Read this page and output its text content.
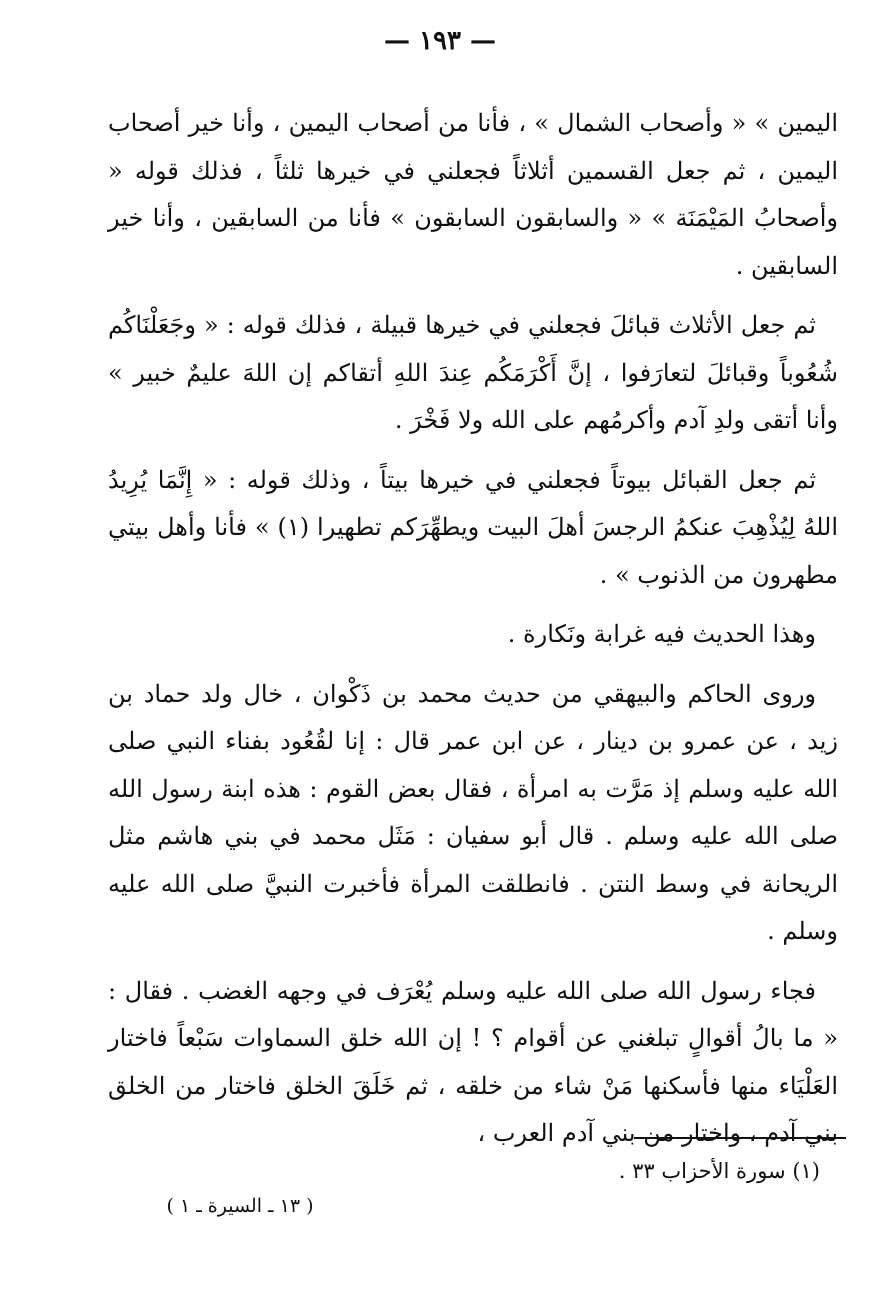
— ١٩٣ —

اليمين » « وأصحاب الشمال » ، فأنا من أصحاب اليمين ، وأنا خير أصحاب اليمين ، ثم جعل القسمين أثلاثاً فجعلني في خيرها ثلثاً ، فذلك قوله « وأصحابُ المَيْمَنَة » « والسابقون السابقون » فأنا من السابقين ، وأنا خير السابقين .

ثم جعل الأثلاث قبائلَ فجعلني في خيرها قبيلة ، فذلك قوله : « وجَعَلْنَاكُم شُعُوباً وقبائلَ لتعارَفوا ، إنَّ أَكْرَمَكُم عِندَ اللهِ أتقاكم إن اللهَ عليمٌ خبير » وأنا أتقى ولدِ آدم وأكرمُهم على الله ولا فَخْرَ .

ثم جعل القبائل بيوتاً فجعلني في خيرها بيتاً ، وذلك قوله : « إِنَّمَا يُرِيدُ اللهُ لِيُذْهِبَ عنكمُ الرجسَ أهلَ البيت ويطهِّرَكم تطهيرا (١) » فأنا وأهل بيتي مطهرون من الذنوب » .

وهذا الحديث فيه غرابة ونَكارة .

وروى الحاكم والبيهقي من حديث محمد بن ذَكْوان ، خال ولد حماد بن زيد ، عن عمرو بن دينار ، عن ابن عمر قال : إنا لقُعُود بفناء النبي صلى الله عليه وسلم إذ مَرَّت به امرأة ، فقال بعض القوم : هذه ابنة رسول الله صلى الله عليه وسلم . قال أبو سفيان : مَثَل محمد في بني هاشم مثل الريحانة في وسط النتن . فانطلقت المرأة فأخبرت النبيَّ صلى الله عليه وسلم .

فجاء رسول الله صلى الله عليه وسلم يُعْرَف في وجهه الغضب . فقال : « ما بالُ أقوالٍ تبلغني عن أقوام ؟ ! إن الله خلق السماوات سَبْعاً فاختار العَلْيَاء منها فأسكنها مَنْ شاء من خلقه ، ثم خَلَقَ الخلق فاختار من الخلق بني آدم ، واختار من بني آدم العرب ،

(١) سورة الأحزاب ٣٣ .
( ١٣ ـ السيرة ـ ١ )
